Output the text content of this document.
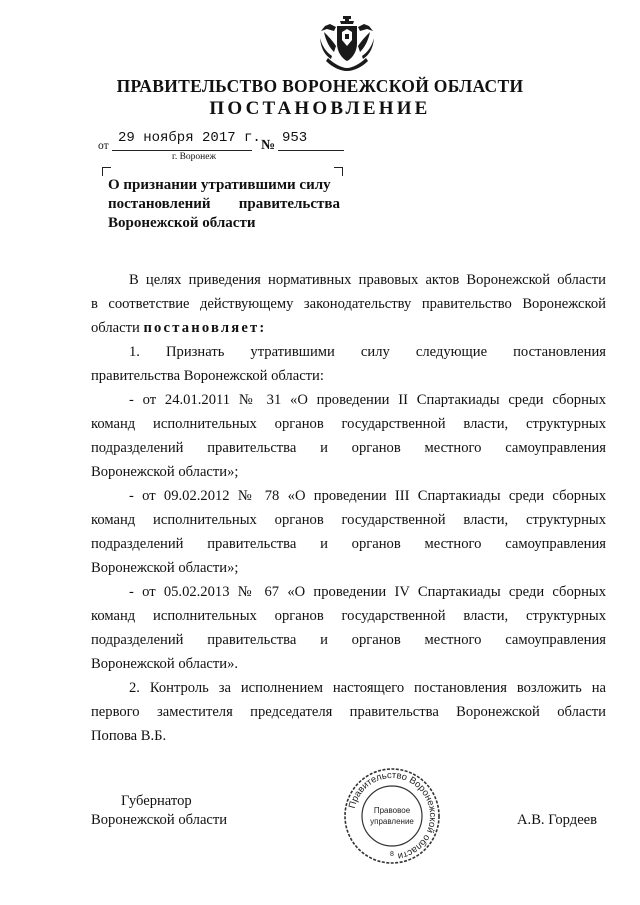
ПРАВИТЕЛЬСТВО ВОРОНЕЖСКОЙ ОБЛАСТИ
ПОСТАНОВЛЕНИЕ
от 29 ноября 2017 г. № 953
г. Воронеж
О признании утратившими силу
постановлений правительства
Воронежской области
В целях приведения нормативных правовых актов Воронежской области
в соответствие действующему законодательству правительство Воронежской
области постановляет:
1. Признать утратившими силу следующие постановления
правительства Воронежской области:
- от 24.01.2011 № 31 «О проведении II Спартакиады среди сборных
команд исполнительных органов государственной власти, структурных
подразделений правительства и органов местного самоуправления
Воронежской области»;
- от 09.02.2012 № 78 «О проведении III Спартакиады среди сборных
команд исполнительных органов государственной власти, структурных
подразделений правительства и органов местного самоуправления
Воронежской области»;
- от 05.02.2013 № 67 «О проведении IV Спартакиады среди сборных
команд исполнительных органов государственной власти, структурных
подразделений правительства и органов местного самоуправления
Воронежской области».
2. Контроль за исполнением настоящего постановления возложить на
первого заместителя председателя правительства Воронежской области
Попова В.Б.
Губернатор
Воронежской области	А.В. Гордеев
Правительство Воронежской области
Правовое
управление
8
